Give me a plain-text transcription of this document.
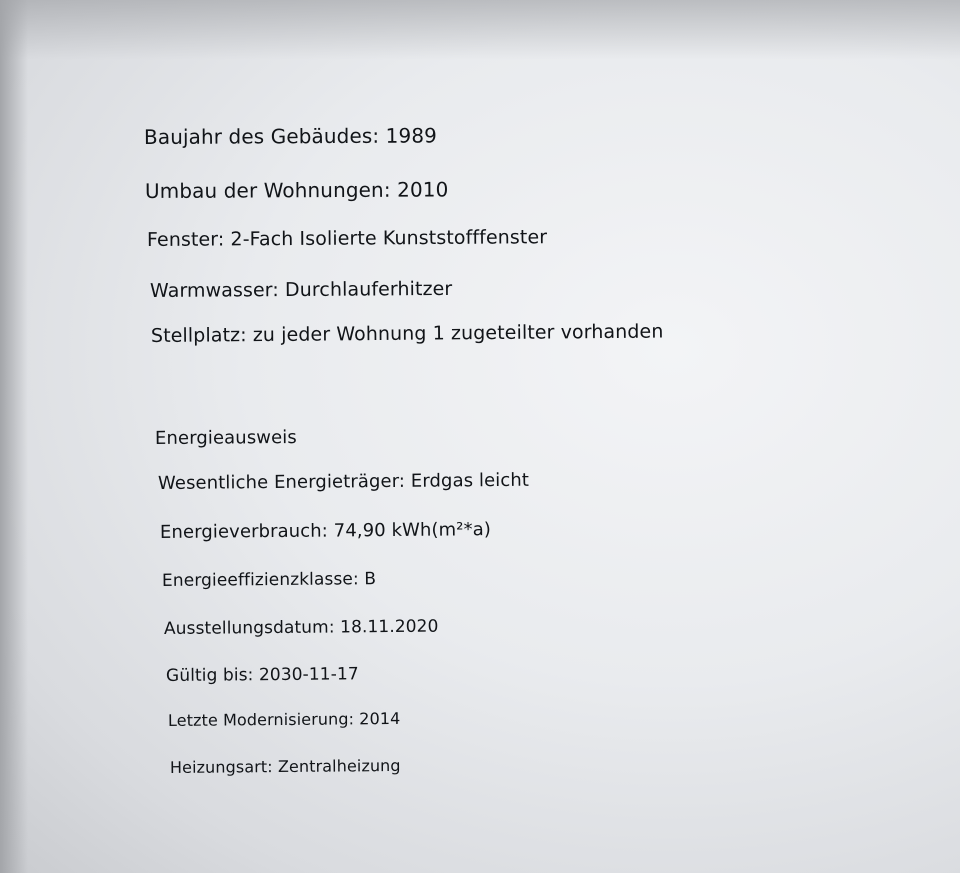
Baujahr des Gebäudes: 1989
Umbau der Wohnungen: 2010
Fenster: 2-Fach Isolierte Kunststofffenster
Warmwasser: Durchlauferhitzer
Stellplatz: zu jeder Wohnung 1 zugeteilter vorhanden
Energieausweis
Wesentliche Energieträger: Erdgas leicht
Energieverbrauch: 74,90 kWh(m²*a)
Energieeffizienzklasse: B
Ausstellungsdatum: 18.11.2020
Gültig bis: 2030-11-17
Letzte Modernisierung: 2014
Heizungsart: Zentralheizung
